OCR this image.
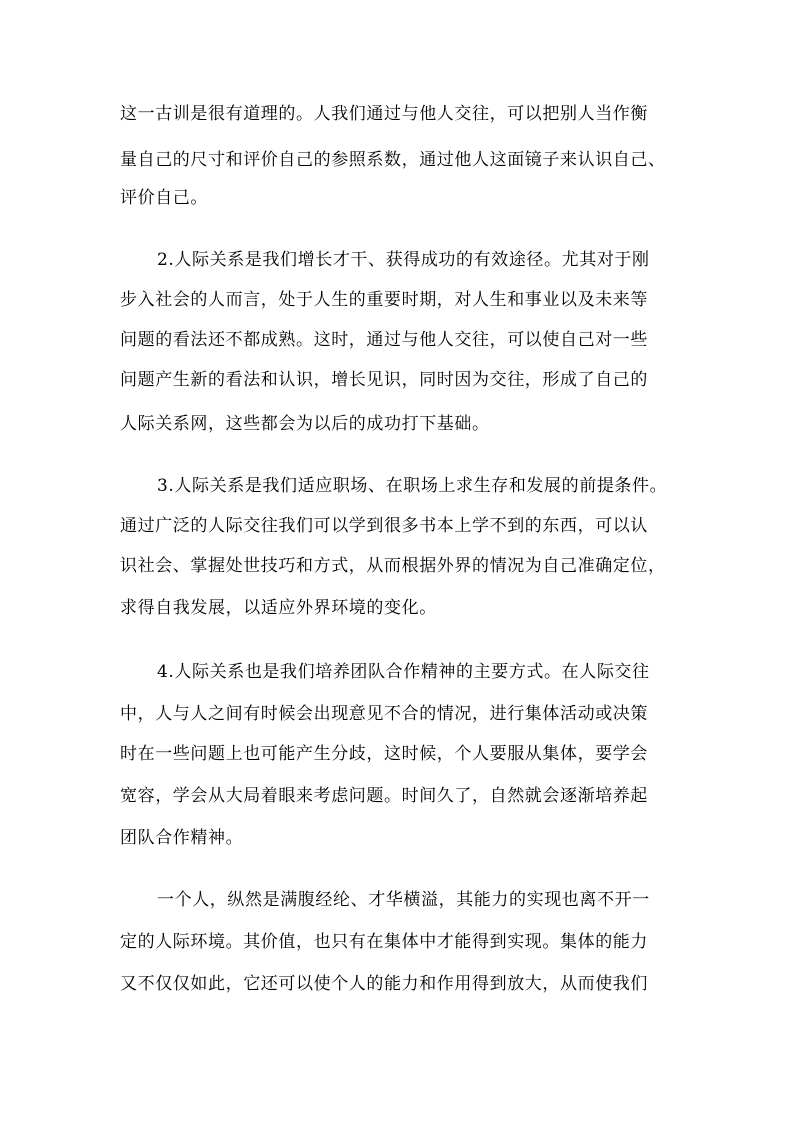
这一古训是很有道理的。人我们通过与他人交往，可以把别人当作衡
量自己的尺寸和评价自己的参照系数，通过他人这面镜子来认识自己、
评价自己。
2.人际关系是我们增长才干、获得成功的有效途径。尤其对于刚
步入社会的人而言，处于人生的重要时期，对人生和事业以及未来等
问题的看法还不都成熟。这时，通过与他人交往，可以使自己对一些
问题产生新的看法和认识，增长见识，同时因为交往，形成了自己的
人际关系网，这些都会为以后的成功打下基础。
3.人际关系是我们适应职场、在职场上求生存和发展的前提条件。
通过广泛的人际交往我们可以学到很多书本上学不到的东西，可以认
识社会、掌握处世技巧和方式，从而根据外界的情况为自己准确定位，
求得自我发展，以适应外界环境的变化。
4.人际关系也是我们培养团队合作精神的主要方式。在人际交往
中，人与人之间有时候会出现意见不合的情况，进行集体活动或决策
时在一些问题上也可能产生分歧，这时候，个人要服从集体，要学会
宽容，学会从大局着眼来考虑问题。时间久了，自然就会逐渐培养起
团队合作精神。
一个人，纵然是满腹经纶、才华横溢，其能力的实现也离不开一
定的人际环境。其价值，也只有在集体中才能得到实现。集体的能力
又不仅仅如此，它还可以使个人的能力和作用得到放大，从而使我们
